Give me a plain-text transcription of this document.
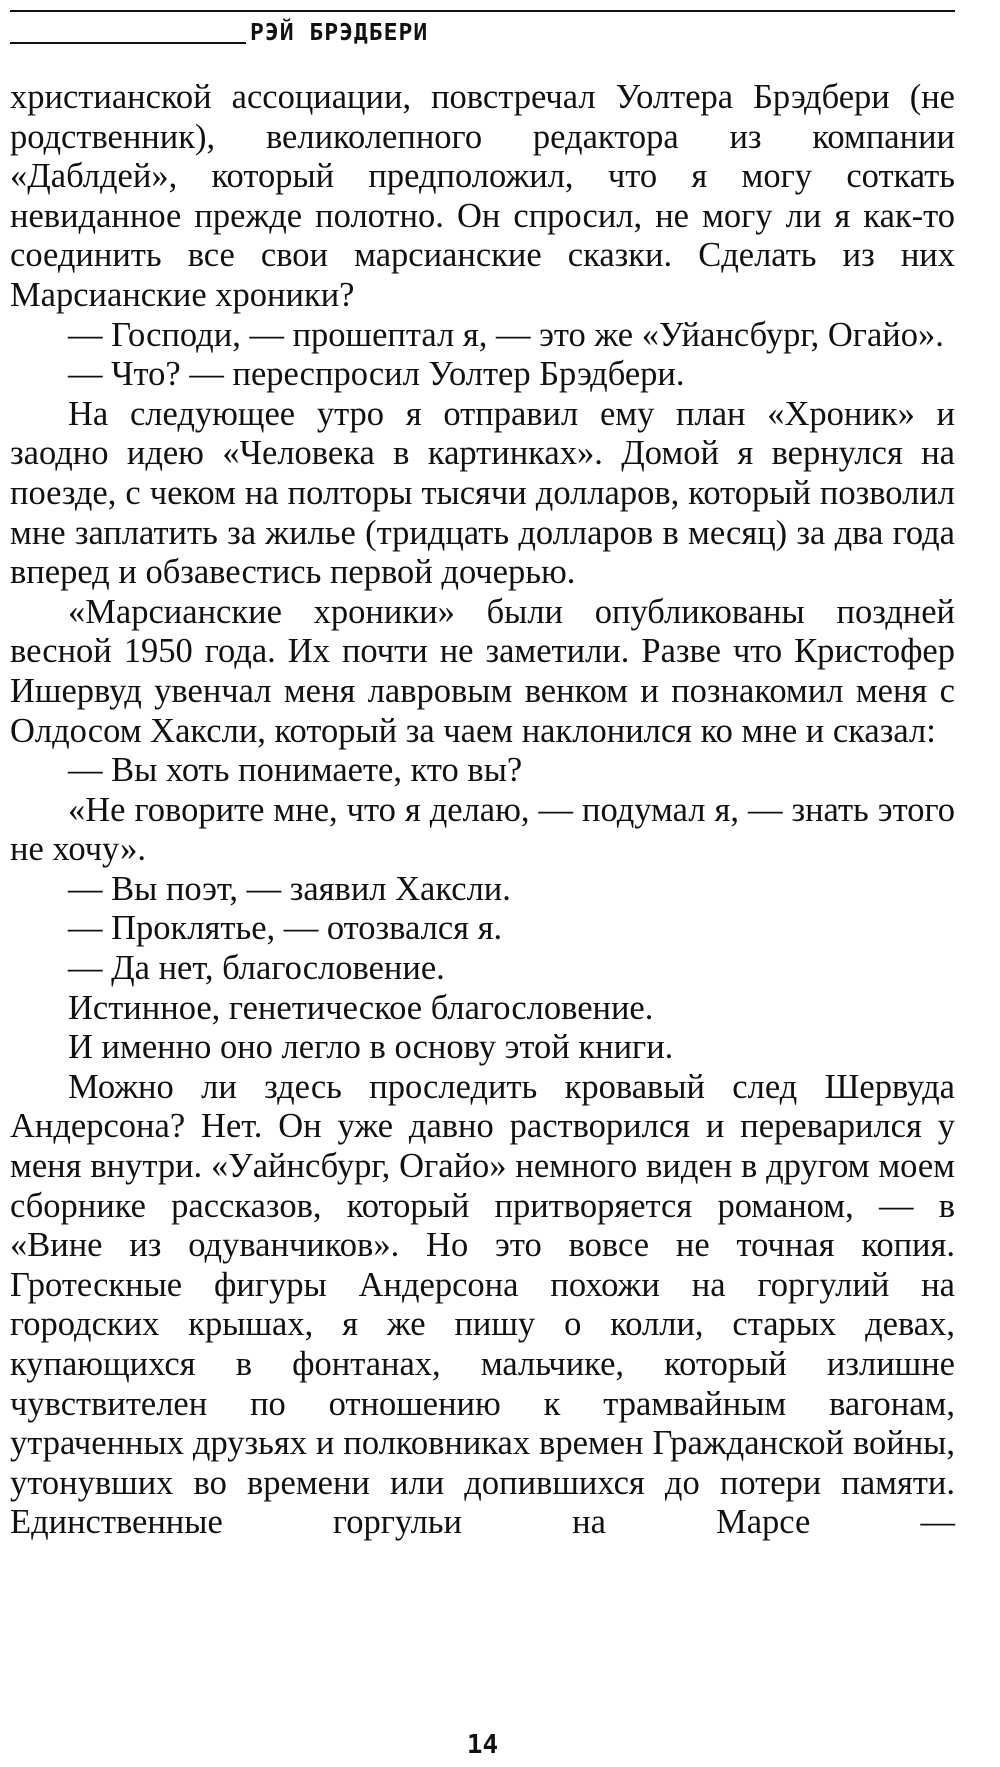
РЭЙ БРЭДБЕРИ

христианской ассоциации, повстречал Уолтера Брэдбери (не родственник), великолепного редактора из компании «Даблдей», который предположил, что я могу соткать невиданное прежде полотно. Он спросил, не могу ли я как-то соединить все свои марсианские сказки. Сделать из них Марсианские хроники?

— Господи, — прошептал я, — это же «Уйансбург, Огайо».

— Что? — переспросил Уолтер Брэдбери.

На следующее утро я отправил ему план «Хроник» и заодно идею «Человека в картинках». Домой я вернулся на поезде, с чеком на полторы тысячи долларов, который позволил мне заплатить за жилье (тридцать долларов в месяц) за два года вперед и обзавестись первой дочерью.

«Марсианские хроники» были опубликованы поздней весной 1950 года. Их почти не заметили. Разве что Кристофер Ишервуд увенчал меня лавровым венком и познакомил меня с Олдосом Хаксли, который за чаем наклонился ко мне и сказал:

— Вы хоть понимаете, кто вы?

«Не говорите мне, что я делаю, — подумал я, — знать этого не хочу».

— Вы поэт, — заявил Хаксли.

— Проклятье, — отозвался я.

— Да нет, благословение.

Истинное, генетическое благословение.

И именно оно легло в основу этой книги.

Можно ли здесь проследить кровавый след Шервуда Андерсона? Нет. Он уже давно растворился и переварился у меня внутри. «Уайнсбург, Огайо» немного виден в другом моем сборнике рассказов, который притворяется романом, — в «Вине из одуванчиков». Но это вовсе не точная копия. Гротескные фигуры Андерсона похожи на горгулий на городских крышах, я же пишу о колли, старых девах, купающихся в фонтанах, мальчике, который излишне чувствителен по отношению к трамвайным вагонам, утраченных друзьях и полковниках времен Гражданской войны, утонувших во времени или допившихся до потери памяти. Единственные горгульи на Марсе —

14
